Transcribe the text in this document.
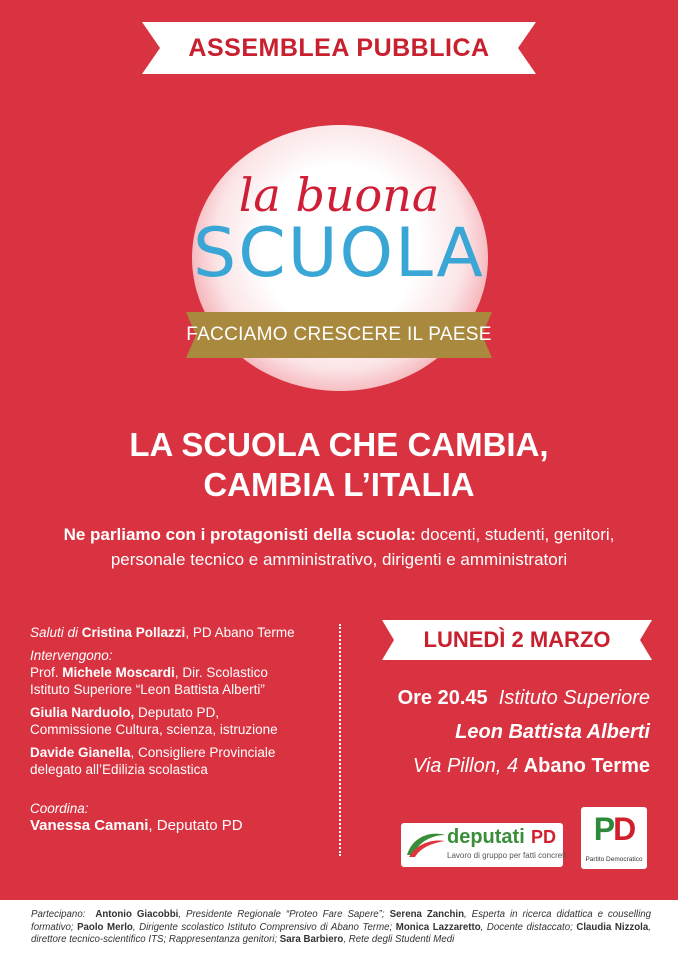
ASSEMBLEA PUBBLICA
la buona
SCUOLA
FACCIAMO CRESCERE IL PAESE
LA SCUOLA CHE CAMBIA,
CAMBIA L’ITALIA
Ne parliamo con i protagonisti della scuola: docenti, studenti, genitori,
personale tecnico e amministrativo, dirigenti e amministratori

Saluti di Cristina Pollazzi, PD Abano Terme

Intervengono:

Prof. Michele Moscardi, Dir. Scolastico

Istituto Superiore “Leon Battista Alberti”

Giulia Narduolo, Deputato PD,

Commissione Cultura, scienza, istruzione

Davide Gianella, Consigliere Provinciale

delegato all’Edilizia scolastica

Coordina:

Vanessa Camani, Deputato PD

LUNEDÌ 2 MARZO
Ore 20.45 Istituto Superiore
Leon Battista Alberti
Via Pillon, 4 Abano Terme
deputati PD
Lavoro di gruppo per fatti concreti
PD
Partito Democratico

Partecipano: Antonio Giacobbi, Presidente Regionale “Proteo Fare Sapere”; Serena Zanchin, Esperta in ricerca didattica e couselling formativo; Paolo Merlo, Dirigente scolastico Istituto Comprensivo di Abano Terme; Monica Lazzaretto, Docente distaccato; Claudia Nizzola, direttore tecnico-scientifico ITS; Rappresentanza genitori; Sara Barbiero, Rete degli Studenti Medi
